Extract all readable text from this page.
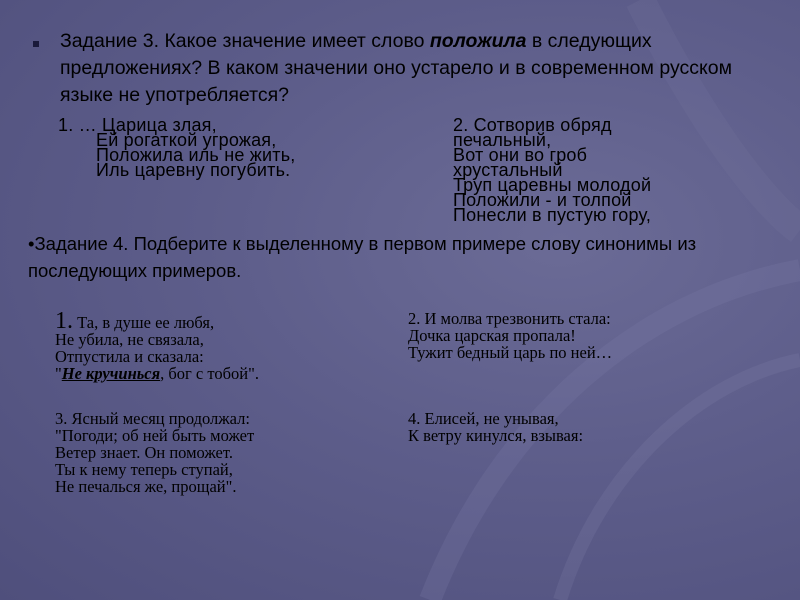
Задание 3. Какое значение имеет слово положила в следующих предложениях? В каком значении оно устарело и в современном русском языке не употребляется?

1. … Царица злая,
Ей рогаткой угрожая,
Положила иль не жить,
Иль царевну погубить.
2. Сотворив обряд
печальный,
Вот они во гроб
хрустальный
Труп царевны молодой
Положили - и толпой
Понесли в пустую гору,

•Задание 4. Подберите к выделенному в первом примере слову синонимы из последующих примеров.

1. Та, в душе ее любя,
Не убила, не связала,
Отпустила и сказала:
"Не кручинься, бог с тобой".
2. И молва трезвонить стала:
Дочка царская пропала!
Тужит бедный царь по ней…
3. Ясный месяц продолжал:
"Погоди; об ней быть может
Ветер знает. Он поможет.
Ты к нему теперь ступай,
Не печалься же, прощай".
4. Елисей, не унывая,
К ветру кинулся, взывая:
